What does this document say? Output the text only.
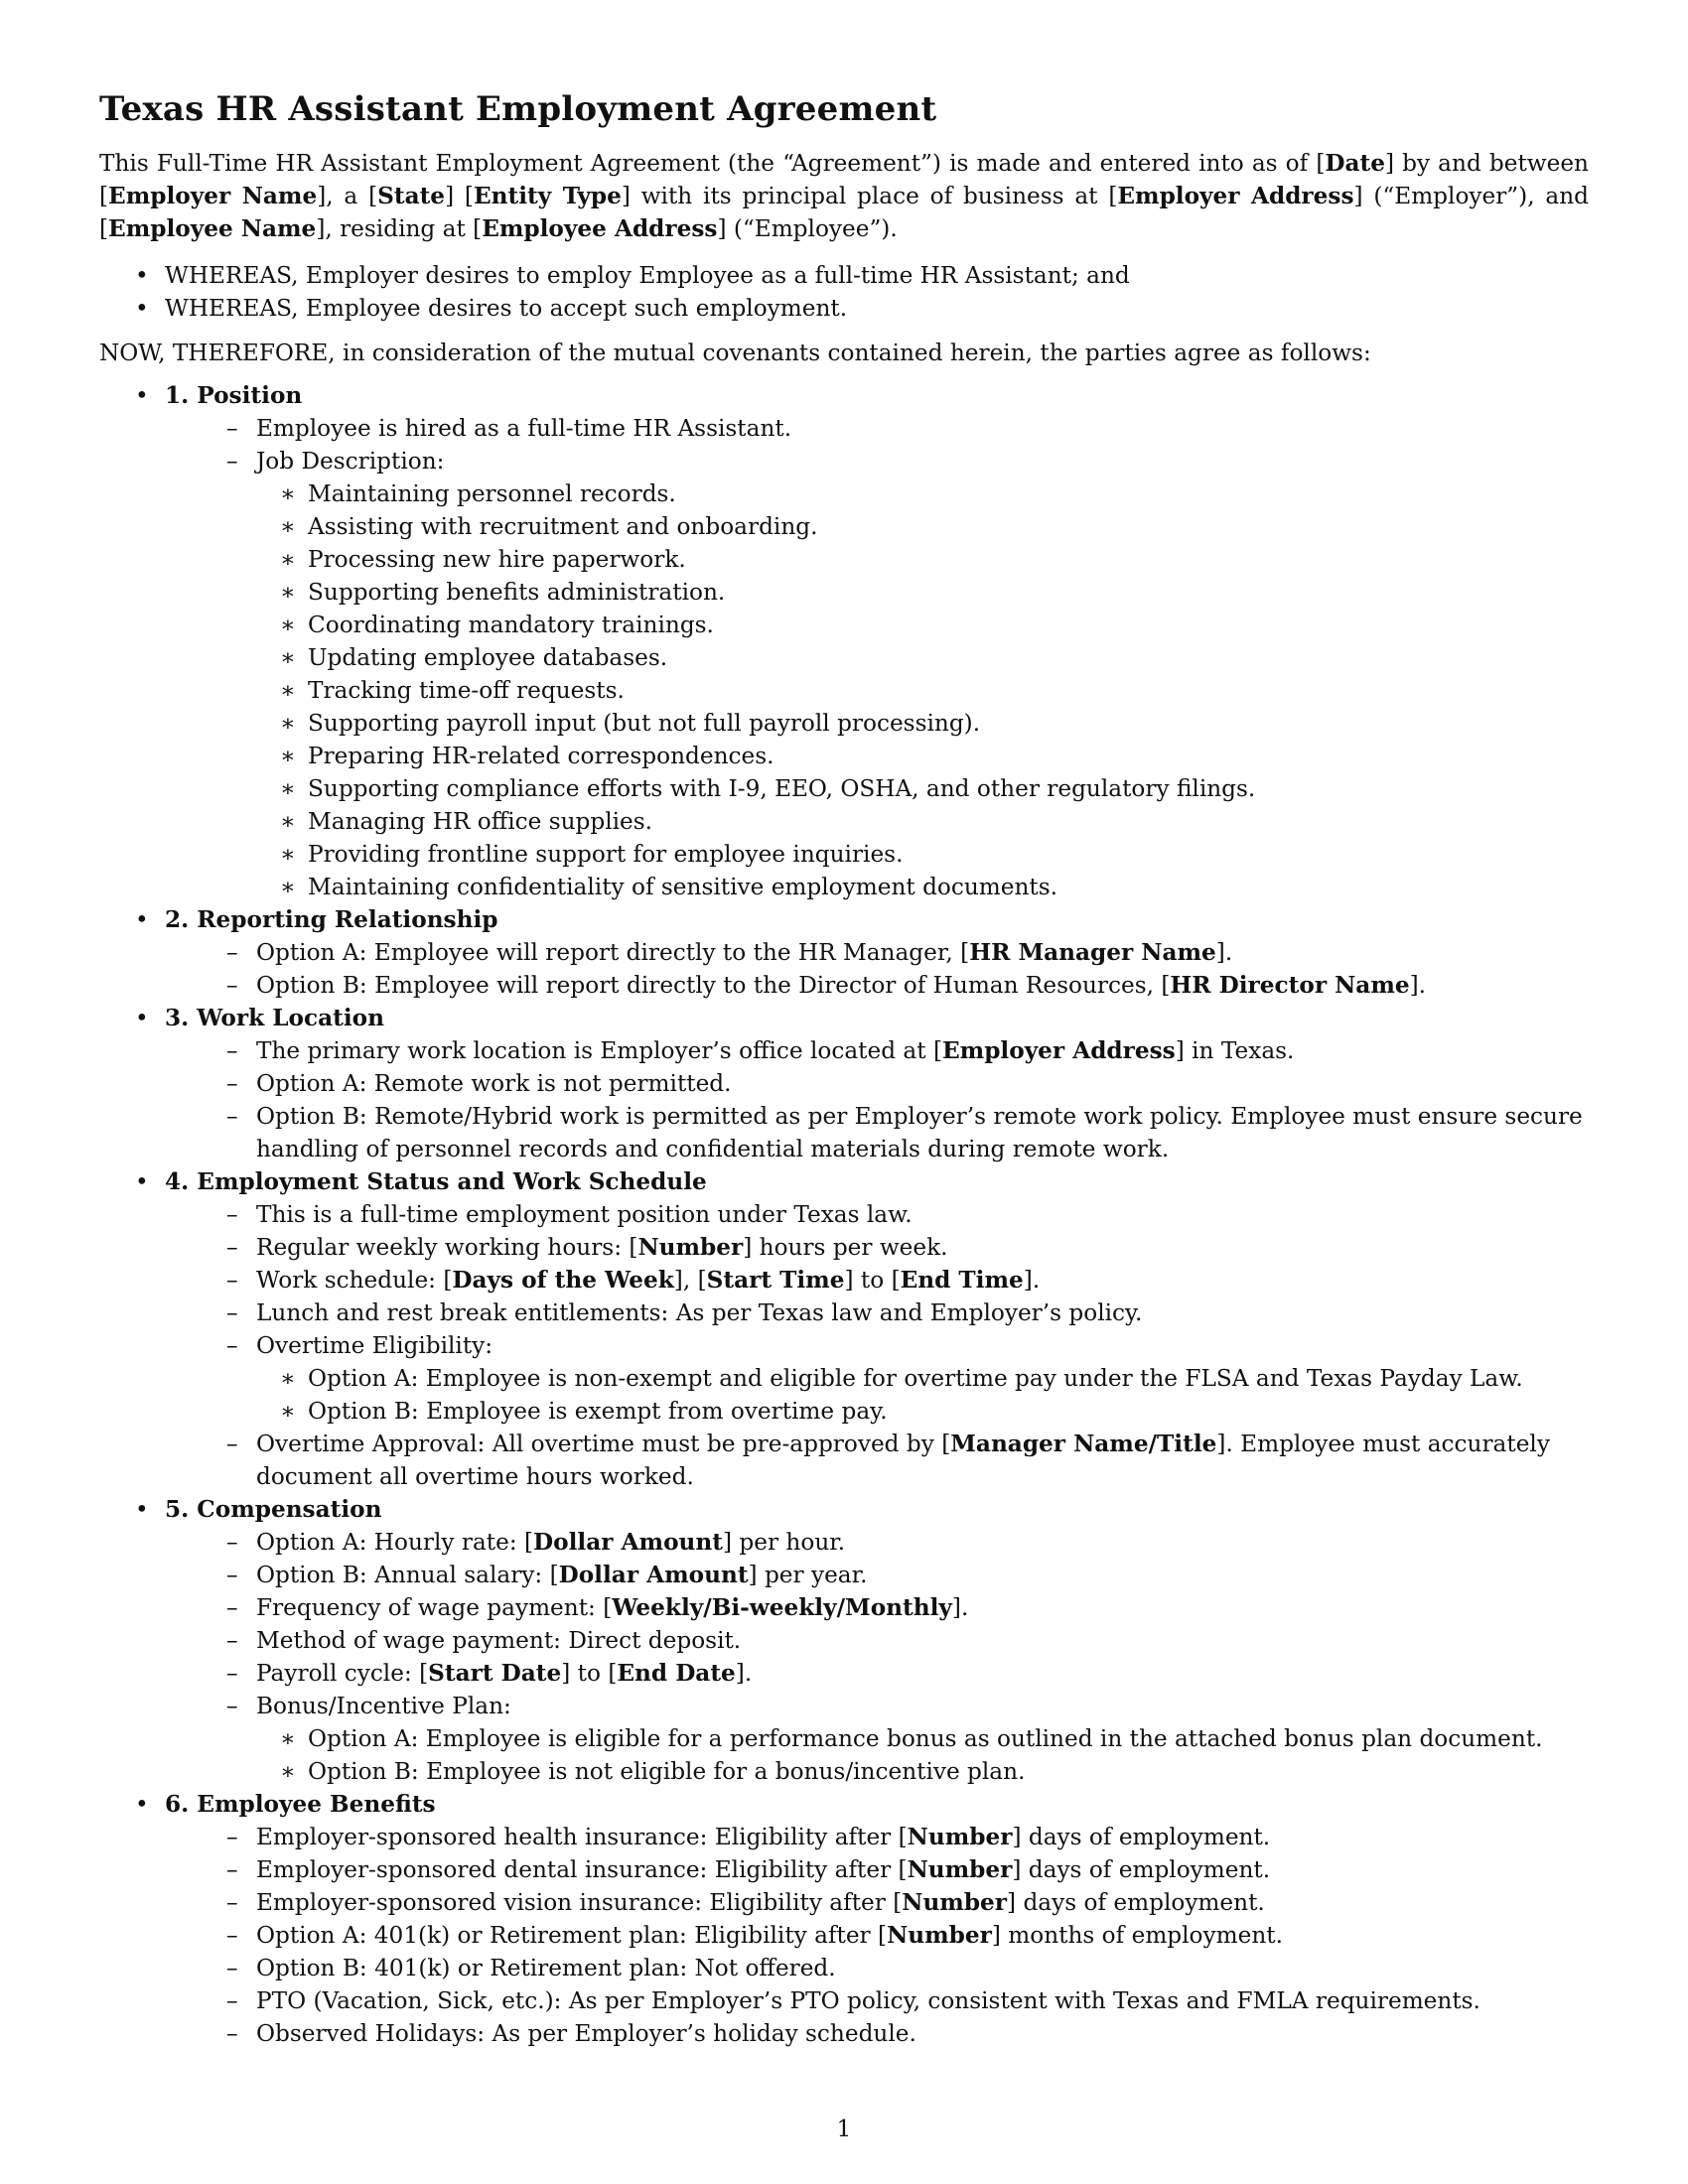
Texas HR Assistant Employment Agreement

This Full-Time HR Assistant Employment Agreement (the “Agreement”) is made and entered into as of [Date] by and between [Employer Name], a [State] [Entity Type] with its principal place of business at [Employer Address] (“Employer”), and [Employee Name], residing at [Employee Address] (“Employee”).

• WHEREAS, Employer desires to employ Employee as a full-time HR Assistant; and
• WHEREAS, Employee desires to accept such employment.

NOW, THEREFORE, in consideration of the mutual covenants contained herein, the parties agree as follows:

• 1. Position
– Employee is hired as a full-time HR Assistant.
– Job Description:
∗ Maintaining personnel records.
∗ Assisting with recruitment and onboarding.
∗ Processing new hire paperwork.
∗ Supporting benefits administration.
∗ Coordinating mandatory trainings.
∗ Updating employee databases.
∗ Tracking time-off requests.
∗ Supporting payroll input (but not full payroll processing).
∗ Preparing HR-related correspondences.
∗ Supporting compliance efforts with I-9, EEO, OSHA, and other regulatory filings.
∗ Managing HR office supplies.
∗ Providing frontline support for employee inquiries.
∗ Maintaining confidentiality of sensitive employment documents.
• 2. Reporting Relationship
– Option A: Employee will report directly to the HR Manager, [HR Manager Name].
– Option B: Employee will report directly to the Director of Human Resources, [HR Director Name].
• 3. Work Location
– The primary work location is Employer’s office located at [Employer Address] in Texas.
– Option A: Remote work is not permitted.
– Option B: Remote/Hybrid work is permitted as per Employer’s remote work policy. Employee must ensure secure handling of personnel records and confidential materials during remote work.
• 4. Employment Status and Work Schedule
– This is a full-time employment position under Texas law.
– Regular weekly working hours: [Number] hours per week.
– Work schedule: [Days of the Week], [Start Time] to [End Time].
– Lunch and rest break entitlements: As per Texas law and Employer’s policy.
– Overtime Eligibility:
∗ Option A: Employee is non-exempt and eligible for overtime pay under the FLSA and Texas Payday Law.
∗ Option B: Employee is exempt from overtime pay.
– Overtime Approval: All overtime must be pre-approved by [Manager Name/Title]. Employee must accurately document all overtime hours worked.
• 5. Compensation
– Option A: Hourly rate: [Dollar Amount] per hour.
– Option B: Annual salary: [Dollar Amount] per year.
– Frequency of wage payment: [Weekly/Bi-weekly/Monthly].
– Method of wage payment: Direct deposit.
– Payroll cycle: [Start Date] to [End Date].
– Bonus/Incentive Plan:
∗ Option A: Employee is eligible for a performance bonus as outlined in the attached bonus plan document.
∗ Option B: Employee is not eligible for a bonus/incentive plan.
• 6. Employee Benefits
– Employer-sponsored health insurance: Eligibility after [Number] days of employment.
– Employer-sponsored dental insurance: Eligibility after [Number] days of employment.
– Employer-sponsored vision insurance: Eligibility after [Number] days of employment.
– Option A: 401(k) or Retirement plan: Eligibility after [Number] months of employment.
– Option B: 401(k) or Retirement plan: Not offered.
– PTO (Vacation, Sick, etc.): As per Employer’s PTO policy, consistent with Texas and FMLA requirements.
– Observed Holidays: As per Employer’s holiday schedule.
1
